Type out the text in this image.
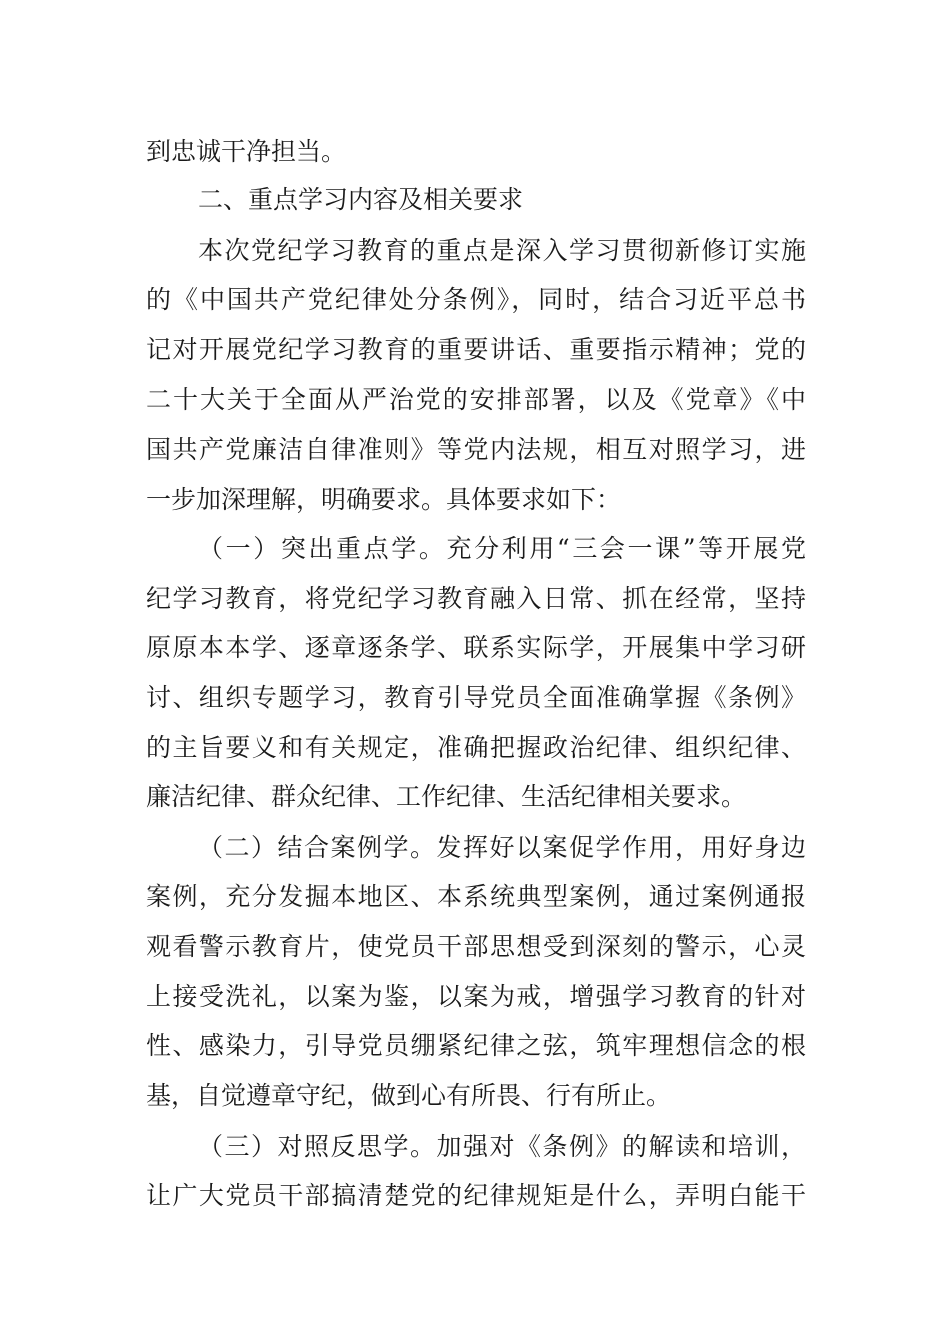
到忠诚干净担当。
二、重点学习内容及相关要求
本次党纪学习教育的重点是深入学习贯彻新修订实施
的《中国共产党纪律处分条例》，同时，结合习近平总书
记对开展党纪学习教育的重要讲话、重要指示精神；党的
二十大关于全面从严治党的安排部署，以及《党章》《中
国共产党廉洁自律准则》等党内法规，相互对照学习，进
一步加深理解，明确要求。具体要求如下：
（一）突出重点学。充分利用“三会一课”等开展党
纪学习教育，将党纪学习教育融入日常、抓在经常，坚持
原原本本学、逐章逐条学、联系实际学，开展集中学习研
讨、组织专题学习，教育引导党员全面准确掌握《条例》
的主旨要义和有关规定，准确把握政治纪律、组织纪律、
廉洁纪律、群众纪律、工作纪律、生活纪律相关要求。
（二）结合案例学。发挥好以案促学作用，用好身边
案例，充分发掘本地区、本系统典型案例，通过案例通报
观看警示教育片，使党员干部思想受到深刻的警示，心灵
上接受洗礼，以案为鉴，以案为戒，增强学习教育的针对
性、感染力，引导党员绷紧纪律之弦，筑牢理想信念的根
基，自觉遵章守纪，做到心有所畏、行有所止。
（三）对照反思学。加强对《条例》的解读和培训，
让广大党员干部搞清楚党的纪律规矩是什么，弄明白能干
